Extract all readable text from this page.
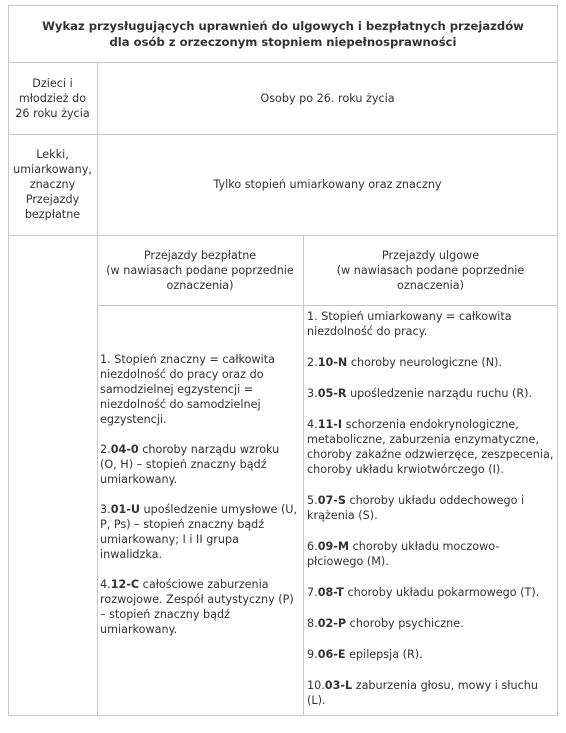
Wykaz przysługujących uprawnień do ulgowych i bezpłatnych przejazdów
dla osób z orzeczonym stopniem niepełnosprawności
Dzieci i
młodzież do
26 roku życia
Osoby po 26. roku życia
Lekki,
umiarkowany,
znaczny
Przejazdy
bezpłatne
Tylko stopień umiarkowany oraz znaczny
Przejazdy bezpłatne
(w nawiasach podane poprzednie
oznaczenia)
Przejazdy ulgowe
(w nawiasach podane poprzednie
oznaczenia)

1. Stopień znaczny = całkowita
niezdolność do pracy oraz do
samodzielnej egzystencji =
niezdolność do samodzielnej
egzystencji.

2.04-0 choroby narządu wzroku
(O, H) – stopień znaczny bądź
umiarkowany.

3.01-U upośledzenie umysłowe (U,
P, Ps) – stopień znaczny bądź
umiarkowany; I i II grupa
inwalidzka.

4.12-C całościowe zaburzenia
rozwojowe. Zespół autystyczny (P)
– stopień znaczny bądź
umiarkowany.

1. Stopień umiarkowany = całkowita
niezdolność do pracy.

2.10-N choroby neurologiczne (N).

3.05-R upośledzenie narządu ruchu (R).

4.11-I schorzenia endokrynologiczne,
metaboliczne, zaburzenia enzymatyczne,
choroby zakaźne odzwierzęce, zeszpecenia,
choroby układu krwiotwórczego (I).

5.07-S choroby układu oddechowego i
krążenia (S).

6.09-M choroby układu moczowo-
płciowego (M).

7.08-T choroby układu pokarmowego (T).

8.02-P choroby psychiczne.

9.06-E epilepsja (R).

10.03-L zaburzenia głosu, mowy i słuchu
(L).
